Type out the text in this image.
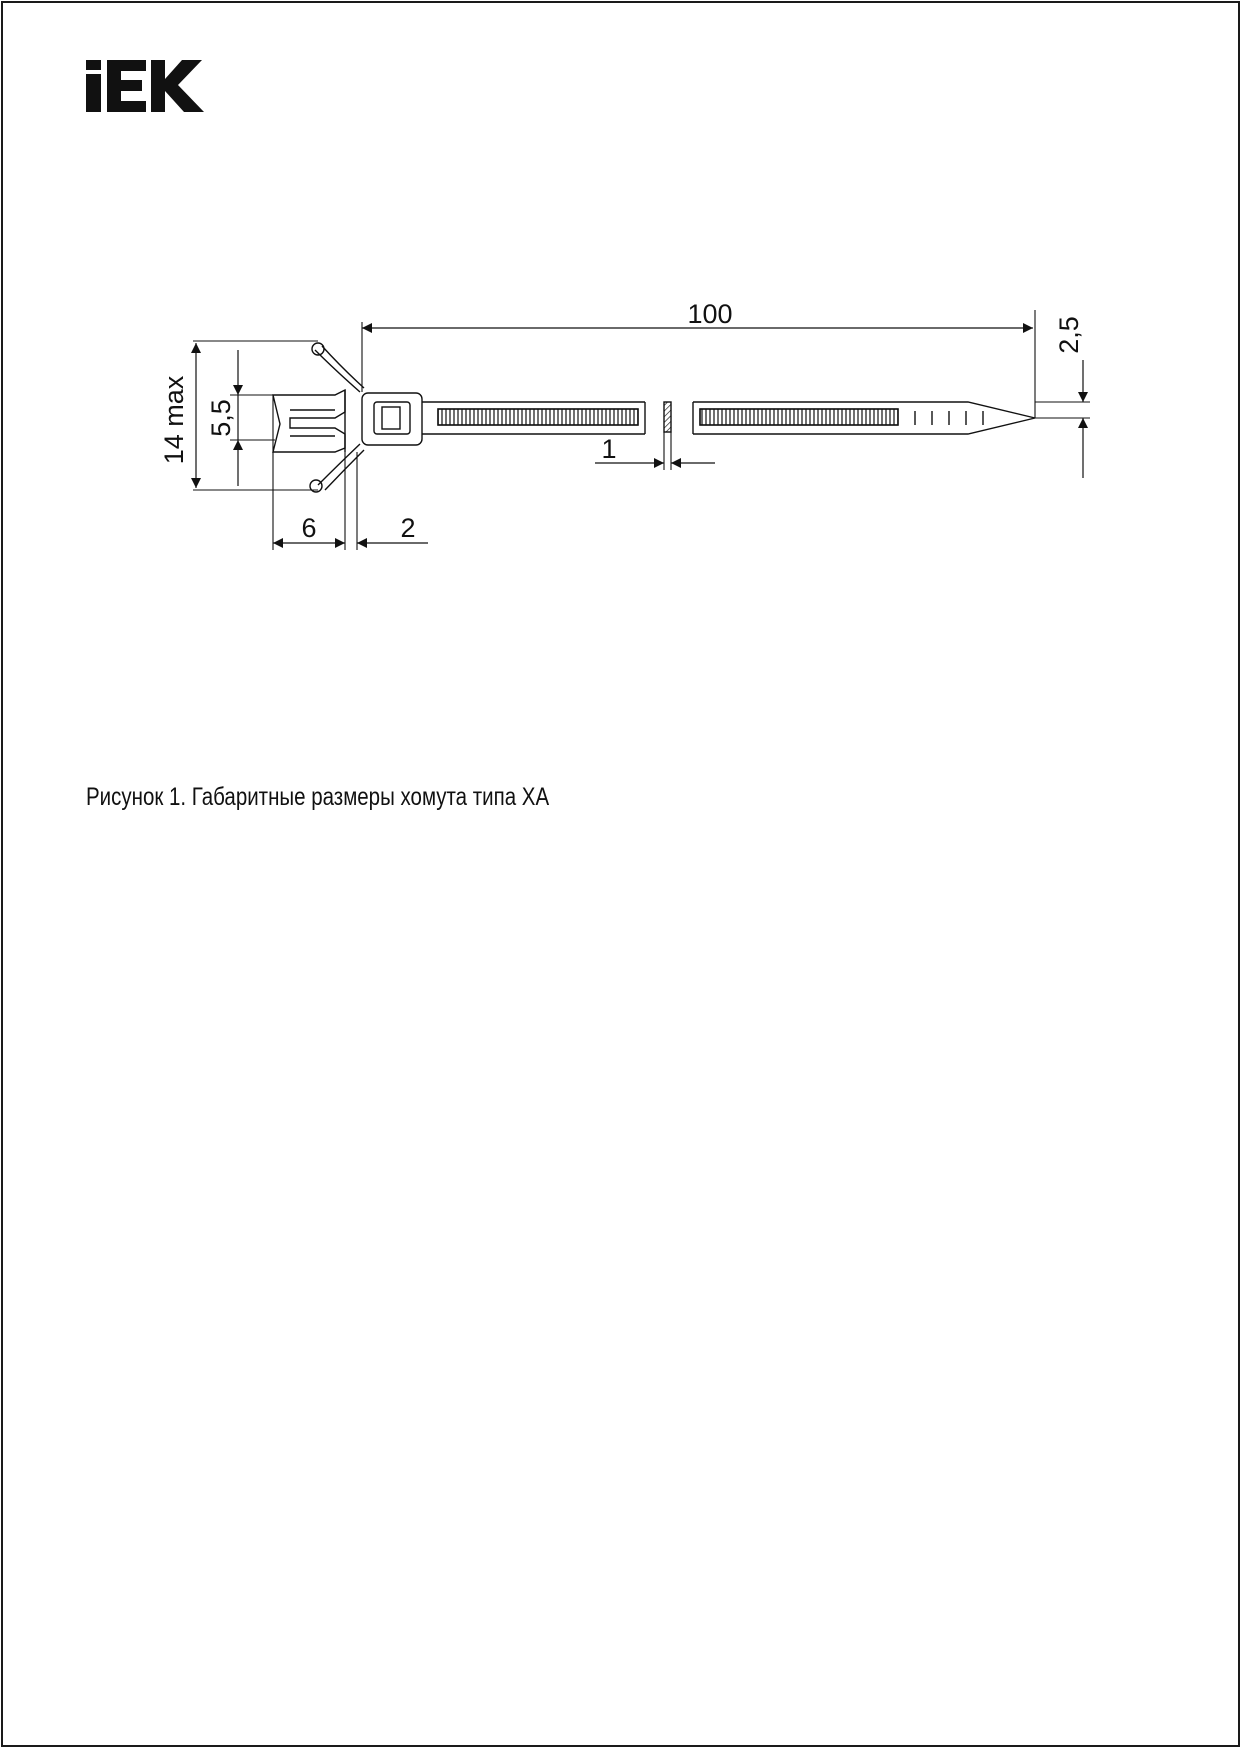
100
2,5
14 max 5,5
1
6	2
Рисунок 1. Габаритные размеры хомута типа ХА
